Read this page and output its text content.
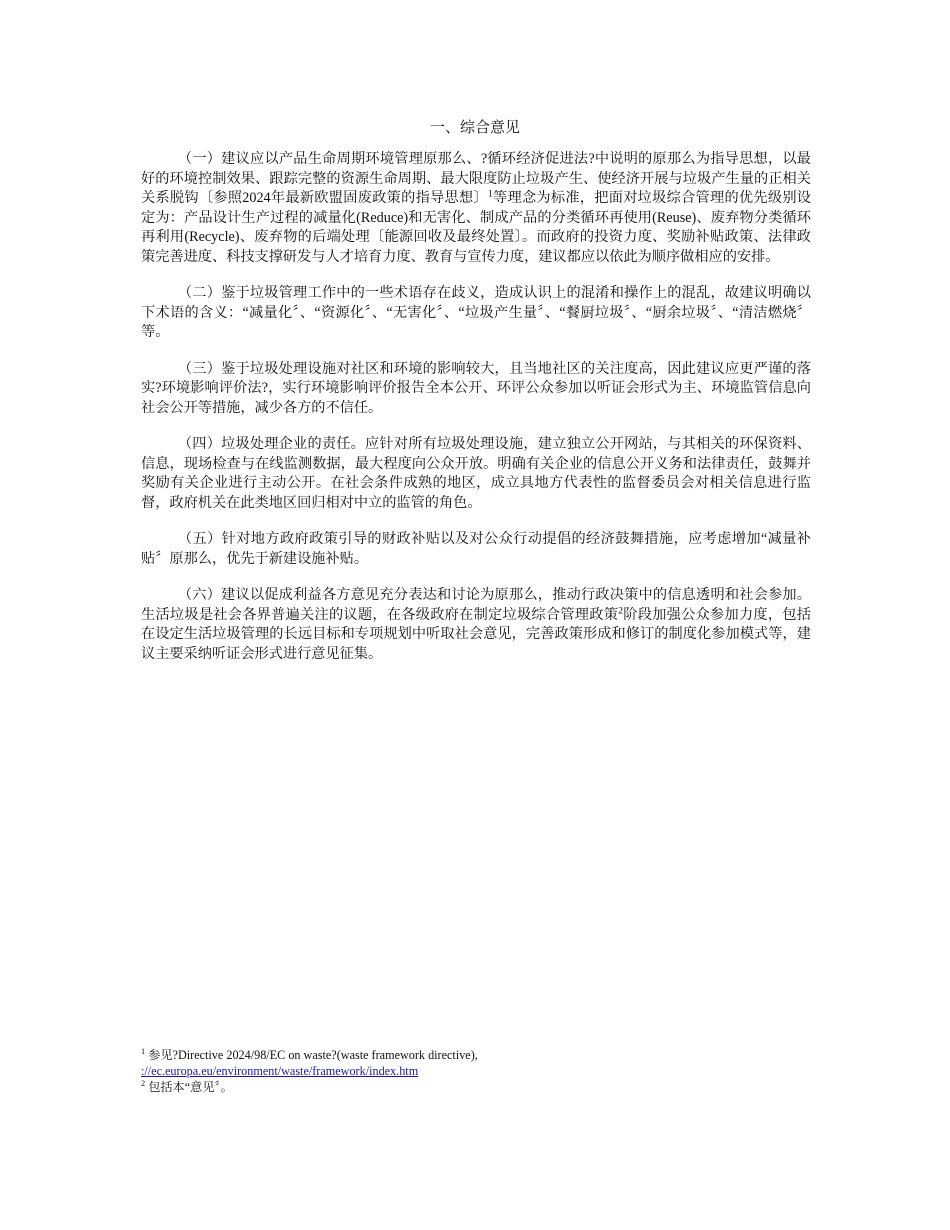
一、综合意见

（一）建议应以产品生命周期环境管理原那么、?循环经济促进法?中说明的原那么为指导思想，以最好的环境控制效果、跟踪完整的资源生命周期、最大限度防止垃圾产生、使经济开展与垃圾产生量的正相关关系脱钩〔参照2024年最新欧盟固废政策的指导思想〕$^1$等理念为标准，把面对垃圾综合管理的优先级别设定为：产品设计生产过程的减量化(Reduce)和无害化、制成产品的分类循环再使用(Reuse)、废弃物分类循环再利用(Recycle)、废弃物的后端处理〔能源回收及最终处置〕。而政府的投资力度、奖励补贴政策、法律政策完善进度、科技支撑研发与人才培育力度、教育与宣传力度，建议都应以依此为顺序做相应的安排。

（二）鉴于垃圾管理工作中的一些术语存在歧义，造成认识上的混淆和操作上的混乱，故建议明确以下术语的含义：“减量化〞、“资源化〞、“无害化〞、“垃圾产生量〞、“餐厨垃圾〞、“厨余垃圾〞、“清洁燃烧〞等。

（三）鉴于垃圾处理设施对社区和环境的影响较大，且当地社区的关注度高，因此建议应更严谨的落实?环境影响评价法?，实行环境影响评价报告全本公开、环评公众参加以听证会形式为主、环境监管信息向社会公开等措施，减少各方的不信任。

（四）垃圾处理企业的责任。应针对所有垃圾处理设施，建立独立公开网站，与其相关的环保资料、信息，现场检查与在线监测数据，最大程度向公众开放。明确有关企业的信息公开义务和法律责任，鼓舞并奖励有关企业进行主动公开。在社会条件成熟的地区，成立具地方代表性的监督委员会对相关信息进行监督，政府机关在此类地区回归相对中立的监管的角色。

（五）针对地方政府政策引导的财政补贴以及对公众行动提倡的经济鼓舞措施，应考虑增加“减量补贴〞原那么，优先于新建设施补贴。

（六）建议以促成利益各方意见充分表达和讨论为原那么，推动行政决策中的信息透明和社会参加。生活垃圾是社会各界普遍关注的议题，在各级政府在制定垃圾综合管理政策$^2$阶段加强公众参加力度，包括在设定生活垃圾管理的长远目标和专项规划中听取社会意见，完善政策形成和修订的制度化参加模式等，建议主要采纳听证会形式进行意见征集。

$^1$ 参见?Directive 2024/98/EC on waste?(waste framework directive),
://ec.europa.eu/environment/waste/framework/index.htm

$^2$ 包括本“意见〞。
